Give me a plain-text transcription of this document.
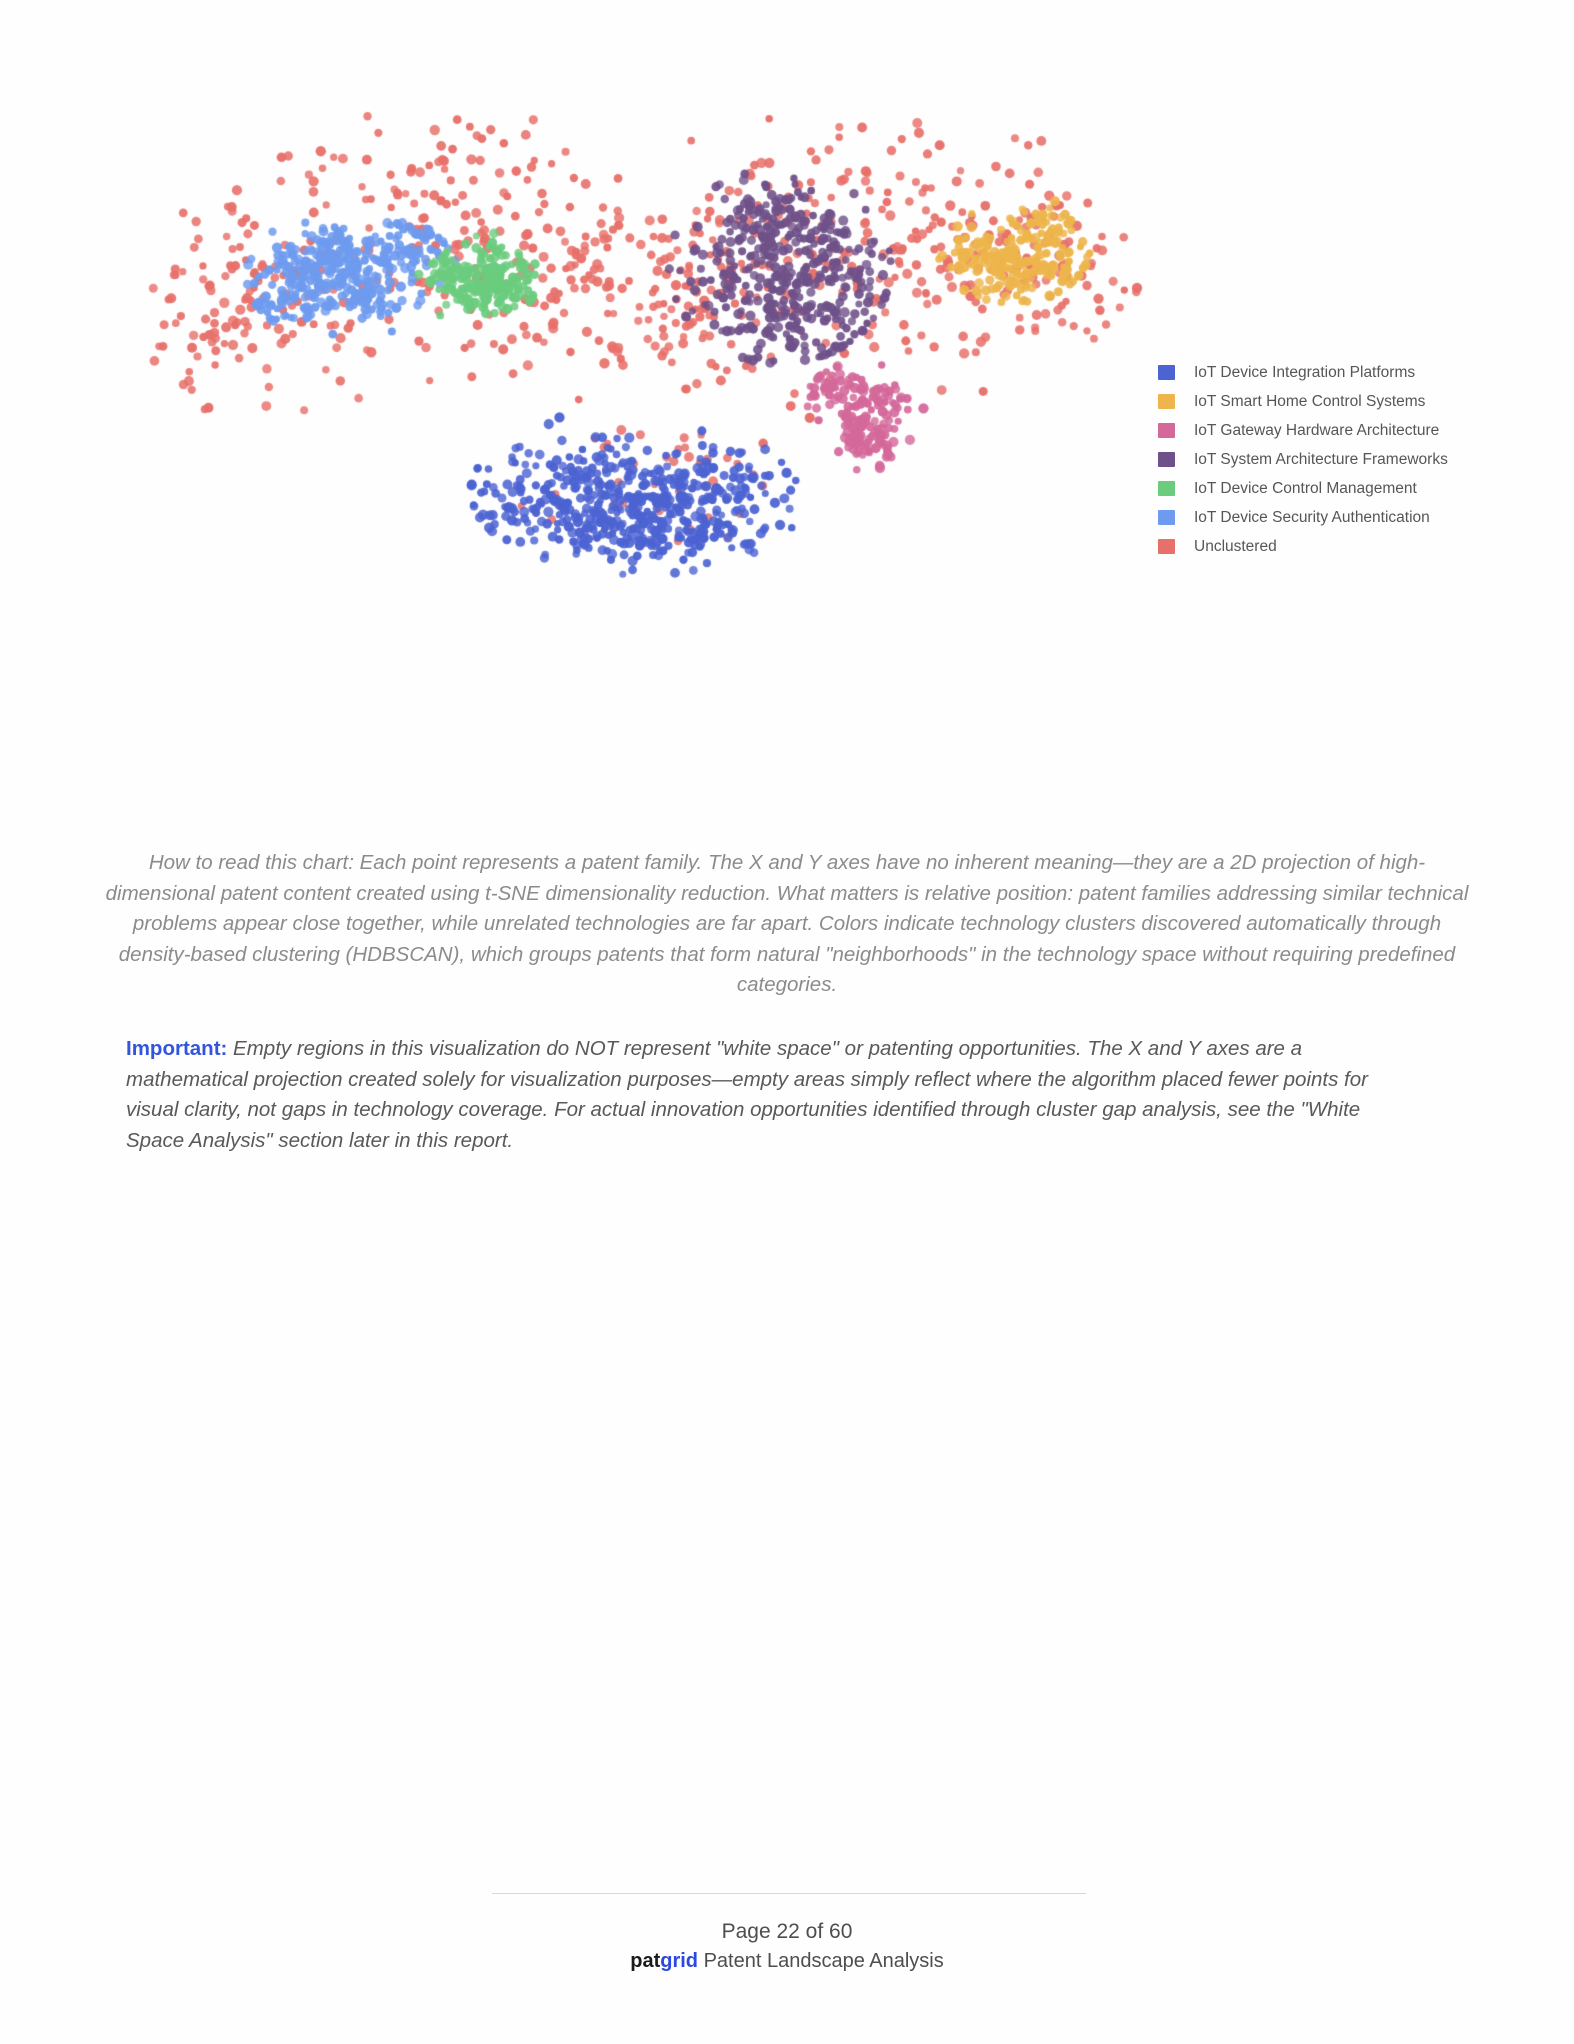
IoT Device Integration Platforms
IoT Smart Home Control Systems
IoT Gateway Hardware Architecture
IoT System Architecture Frameworks
IoT Device Control Management
IoT Device Security Authentication
Unclustered
How to read this chart: Each point represents a patent family. The X and Y axes have no inherent meaning—they are a 2D projection of high-dimensional patent content created using t-SNE dimensionality reduction. What matters is relative position: patent families addressing similar technical problems appear close together, while unrelated technologies are far apart. Colors indicate technology clusters discovered automatically through density-based clustering (HDBSCAN), which groups patents that form natural "neighborhoods" in the technology space without requiring predefined categories.
Important: Empty regions in this visualization do NOT represent "white space" or patenting opportunities. The X and Y axes are a mathematical projection created solely for visualization purposes—empty areas simply reflect where the algorithm placed fewer points for visual clarity, not gaps in technology coverage. For actual innovation opportunities identified through cluster gap analysis, see the "White Space Analysis" section later in this report.
Page 22 of 60
patgrid Patent Landscape Analysis
